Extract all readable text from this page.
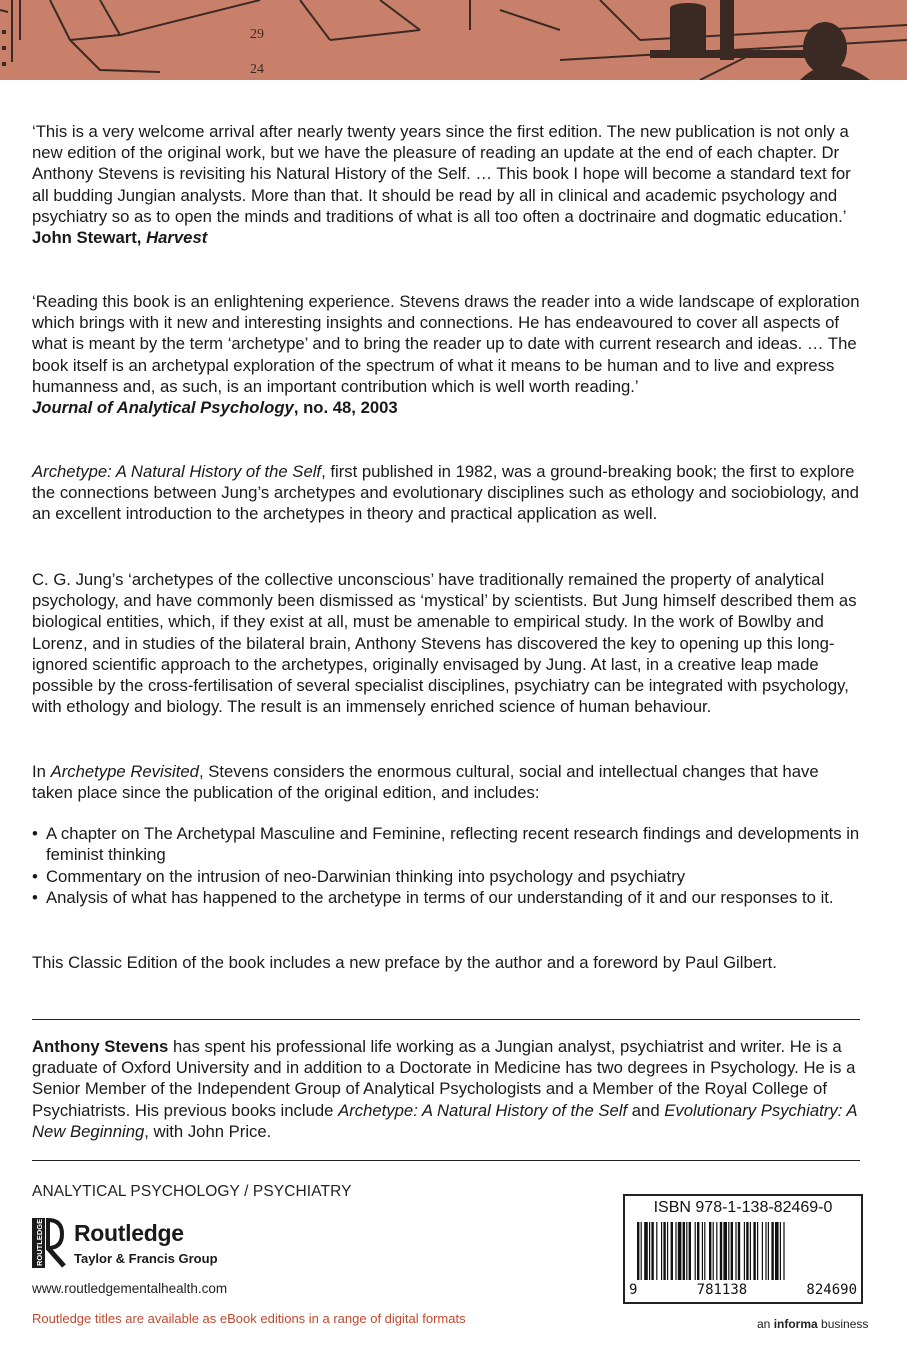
29
24

‘This is a very welcome arrival after nearly twenty years since the first edition. The new publication is not only a new edition of the original work, but we have the pleasure of reading an update at the end of each chapter. Dr Anthony Stevens is revisiting his Natural History of the Self. … This book I hope will become a standard text for all budding Jungian analysts. More than that. It should be read by all in clinical and academic psychology and psychiatry so as to open the minds and traditions of what is all too often a doctrinaire and dogmatic education.’
John Stewart, Harvest

‘Reading this book is an enlightening experience. Stevens draws the reader into a wide landscape of exploration which brings with it new and interesting insights and connections. He has endeavoured to cover all aspects of what is meant by the term ‘archetype’ and to bring the reader up to date with current research and ideas. … The book itself is an archetypal exploration of the spectrum of what it means to be human and to live and express humanness and, as such, is an important contribution which is well worth reading.’
Journal of Analytical Psychology, no. 48, 2003

Archetype: A Natural History of the Self, first published in 1982, was a ground-breaking book; the first to explore the connections between Jung’s archetypes and evolutionary disciplines such as ethology and sociobiology, and an excellent introduction to the archetypes in theory and practical application as well.

C. G. Jung’s ‘archetypes of the collective unconscious’ have traditionally remained the property of analytical psychology, and have commonly been dismissed as ‘mystical’ by scientists. But Jung himself described them as biological entities, which, if they exist at all, must be amenable to empirical study. In the work of Bowlby and Lorenz, and in studies of the bilateral brain, Anthony Stevens has discovered the key to opening up this long-ignored scientific approach to the archetypes, originally envisaged by Jung. At last, in a creative leap made possible by the cross-fertilisation of several specialist disciplines, psychiatry can be integrated with psychology, with ethology and biology. The result is an immensely enriched science of human behaviour.

In Archetype Revisited, Stevens considers the enormous cultural, social and intellectual changes that have taken place since the publication of the original edition, and includes:

• A chapter on The Archetypal Masculine and Feminine, reflecting recent research findings and developments in feminist thinking
• Commentary on the intrusion of neo-Darwinian thinking into psychology and psychiatry
• Analysis of what has happened to the archetype in terms of our understanding of it and our responses to it.

This Classic Edition of the book includes a new preface by the author and a foreword by Paul Gilbert.

Anthony Stevens has spent his professional life working as a Jungian analyst, psychiatrist and writer. He is a graduate of Oxford University and in addition to a Doctorate in Medicine has two degrees in Psychology. He is a Senior Member of the Independent Group of Analytical Psychologists and a Member of the Royal College of Psychiatrists. His previous books include Archetype: A Natural History of the Self and Evolutionary Psychiatry: A New Beginning, with John Price.

ANALYTICAL PSYCHOLOGY / PSYCHIATRY
ROUTLEDGE Routledge
Taylor & Francis Group
www.routledgementalhealth.com
Routledge titles are available as eBook editions in a range of digital formats
ISBN 978-1-138-82469-0
9	781138	824690
an informa business
